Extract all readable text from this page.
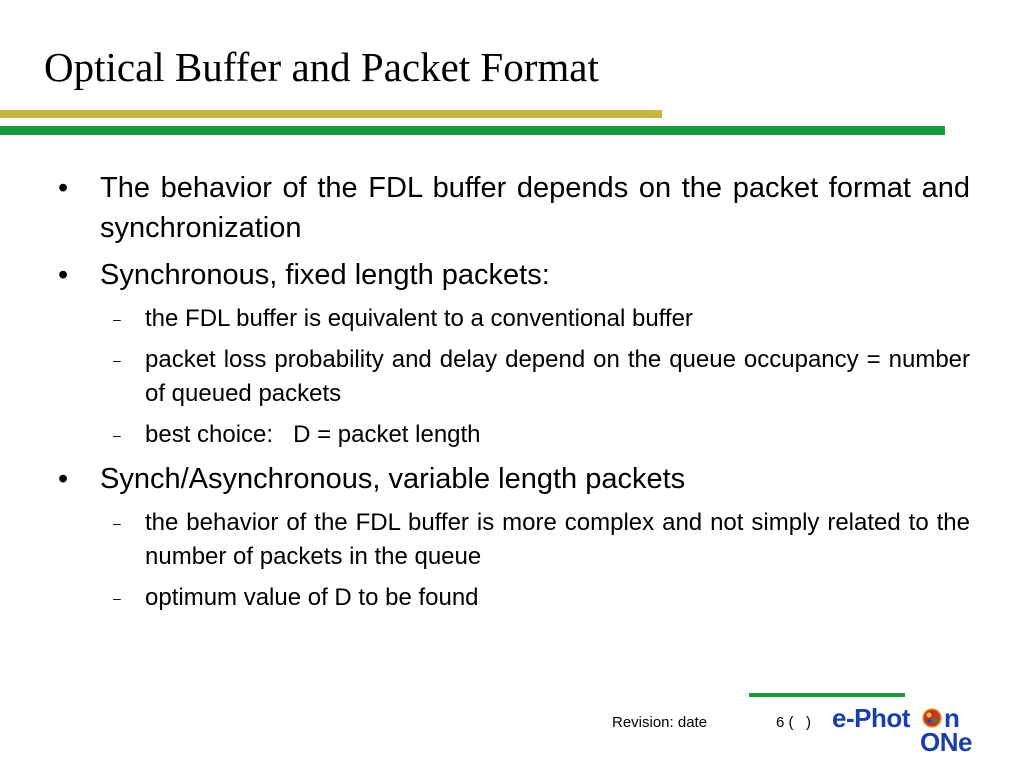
Optical Buffer and Packet Format
• The behavior of the FDL buffer depends on the packet format and synchronization
• Synchronous, fixed length packets:
– the FDL buffer is equivalent to a conventional buffer
– packet loss probability and delay depend on the queue occupancy = number of queued packets
– best choice:   D = packet length
• Synch/Asynchronous, variable length packets
– the behavior of the FDL buffer is more complex and not simply related to the number of packets in the queue
– optimum value of D to be found
Revision: date	6 (   ) e-Phot n
ONe
